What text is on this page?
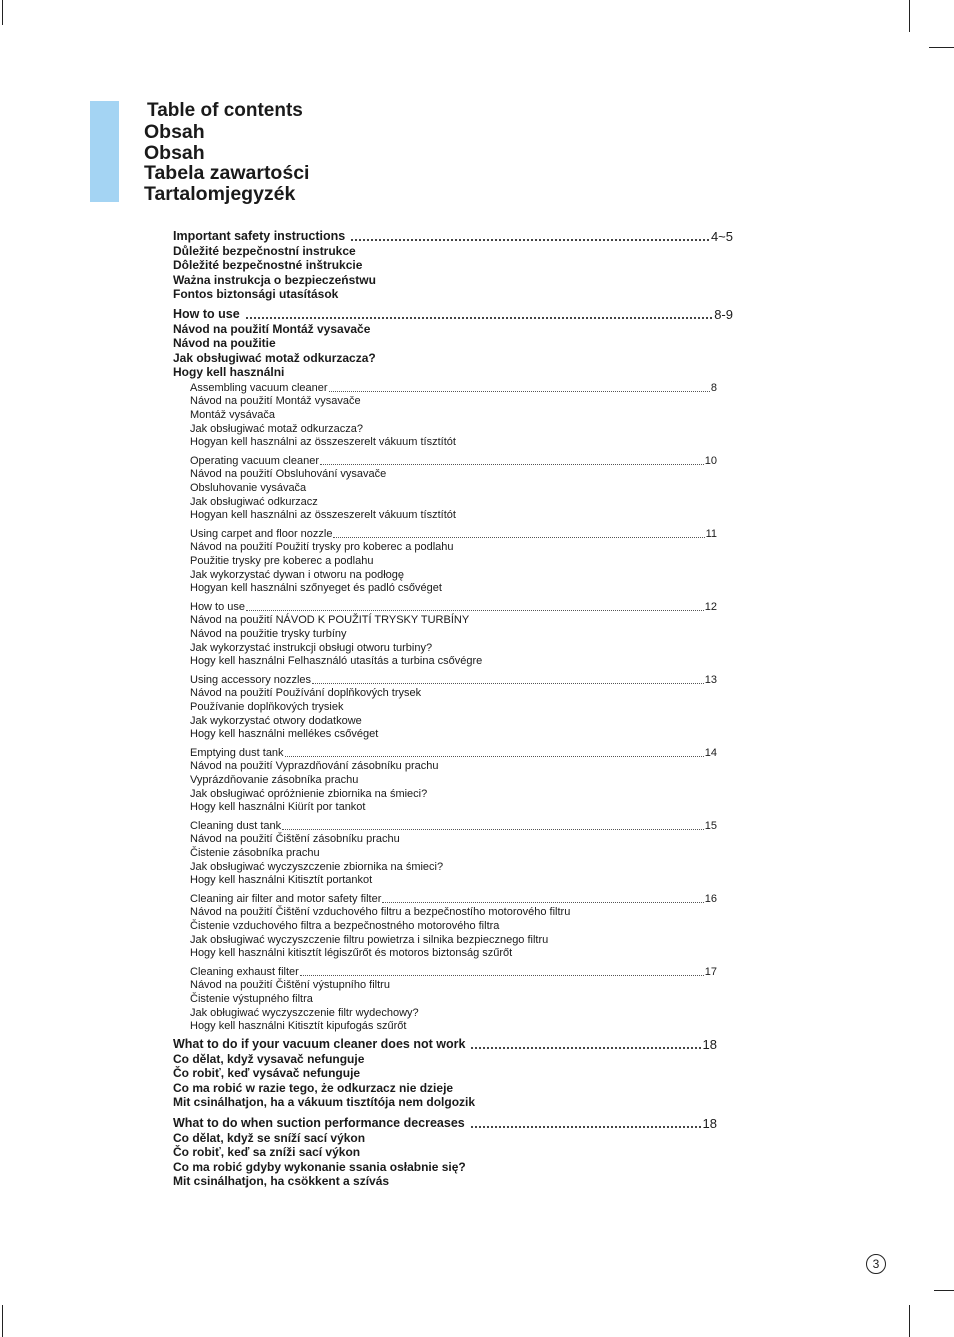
Table of contents
Obsah
Obsah
Tabela zawartości
Tartalomjegyzék
Important safety instructions	4~5
Důležité bezpečnostní instrukce
Dôležité bezpečnostné inštrukcie
Ważna instrukcja o bezpieczeństwu
Fontos biztonsági utasítások
How to use	8-9
Návod na použití Montáž vysavače
Návod na použitie
Jak obsługiwać motaž odkurzacza?
Hogy kell használni
Assembling vacuum cleaner	8
Návod na použití Montáž vysavače
Montáž vysávača
Jak obsługiwać motaž odkurzacza?
Hogyan kell használni az összeszerelt vákuum tísztítót
Operating vacuum cleaner	10
Návod na použití Obsluhování vysavače
Obsluhovanie vysávača
Jak obsługiwać odkurzacz
Hogyan kell használni az összeszerelt vákuum tísztítót
Using carpet and floor nozzle	11
Návod na použití Použití trysky pro koberec a podlahu
Použitie trysky pre koberec a podlahu
Jak wykorzystać dywan i otworu na podłogę
Hogyan kell használni szőnyeget és padló csővéget
How to use	12
Návod na použití NÁVOD K POUŽITÍ TRYSKY TURBÍNY
Návod na použitie trysky turbíny
Jak wykorzystać instrukcji obsługi otworu turbiny?
Hogy kell használni Felhasználó utasítás a turbina csővégre
Using accessory nozzles	13
Návod na použití Používání doplňkových trysek
Používanie doplňkových trysiek
Jak wykorzystać otwory dodatkowe
Hogy kell használni mellékes csővéget
Emptying dust tank	14
Návod na použití Vyprazdňování zásobníku prachu
Vyprázdňovanie zásobníka prachu
Jak obsługiwać opróżnienie zbiornika na śmieci?
Hogy kell használni Kiürít por tankot
Cleaning dust tank	15
Návod na použití Čištění zásobníku prachu
Čistenie zásobníka prachu
Jak obsługiwać wyczyszczenie zbiornika na śmieci?
Hogy kell használni Kitisztít portankot
Cleaning air filter and motor safety filter	16
Návod na použití Čištění vzduchového filtru a bezpečnostího motorového filtru
Čistenie vzduchového filtra a bezpečnostného motorového filtra
Jak obsługiwać wyczyszczenie filtru powietrza i silnika bezpiecznego filtru
Hogy kell használni kitisztít légiszűrőt és motoros biztonság szűrőt
Cleaning exhaust filter	17
Návod na použití Čištění výstupního filtru
Čistenie výstupného filtra
Jak obługiwać wyczyszczenie filtr wydechowy?
Hogy kell használni Kitisztít kipufogás szűrőt
What to do if your vacuum cleaner does not work	18
Co dělat, když vysavač nefunguje
Čo robiť, keď vysávač nefunguje
Co ma robić w razie tego, że odkurzacz nie dzieje
Mit csinálhatjon, ha a vákuum tisztítója nem dolgozik
What to do when suction performance decreases	18
Co dělat, když se sníží sací výkon
Čo robiť, keď sa zníži sací výkon
Co ma robić gdyby wykonanie ssania osłabnie się?
Mit csinálhatjon, ha csökkent a szívás
3
